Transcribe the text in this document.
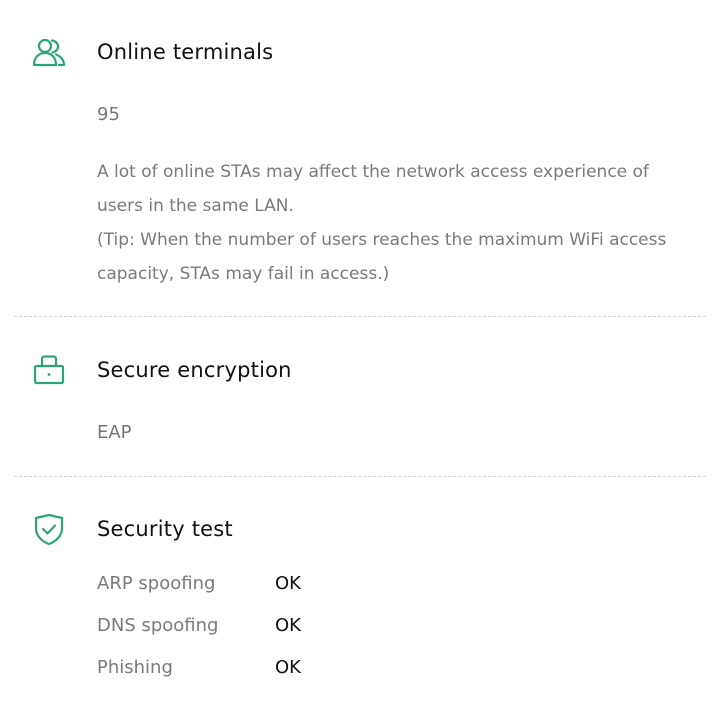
Online terminals
95

A lot of online STAs may affect the network access experience of users in the same LAN.

(Tip: When the number of users reaches the maximum WiFi access capacity, STAs may fail in access.)

Secure encryption
EAP
Security test
ARP spoofing	OK
DNS spoofing	OK
Phishing	OK
